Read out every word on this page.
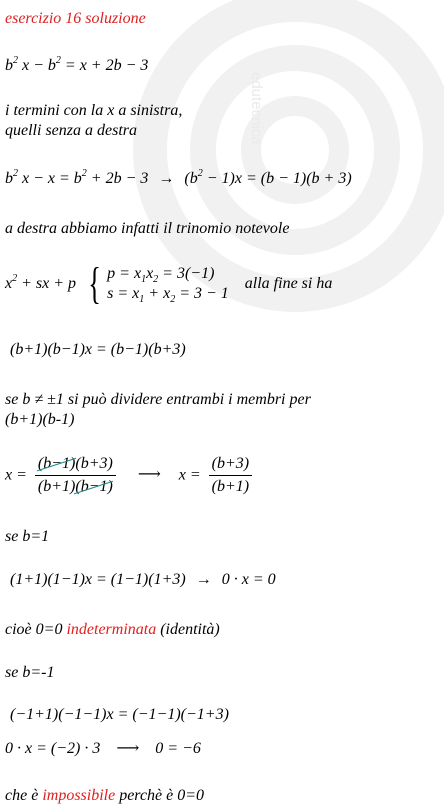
edutecnica
esercizio 16 soluzione
$b^2$ $x - b^2 = x + 2b - 3$
i termini con la x a sinistra,
quelli senza a destra
$b^2$ $x - x = b^2 + 2b - 3 \to (b^2 - 1)x = (b - 1)(b + 3)$
a destra abbiamo infatti il trinomio notevole
$x^2$ + sx + p { $p = x_1x_2 = 3(-1)$
$s = x_1 + x_2 = 3 - 1$
alla fine si ha
(b+1)(b−1)x = (b−1)(b+3)
se b ≠ ±1 si può dividere entrambi i membri per
(b+1)(b-1)
$x = \frac{(b-1)(b+3)}{(b+1)(b-1)}$ ⟶ $x = \frac{(b+3)}{(b+1)}$
se b=1
(1+1)(1−1)x = (1−1)(1+3) → 0 · x = 0
cioè 0=0 indeterminata (identità)
se b=-1
(−1+1)(−1−1)x = (−1−1)(−1+3)
0 · x = (−2) · 3 ⟶ 0 = −6
che è impossibile perchè è 0=0
